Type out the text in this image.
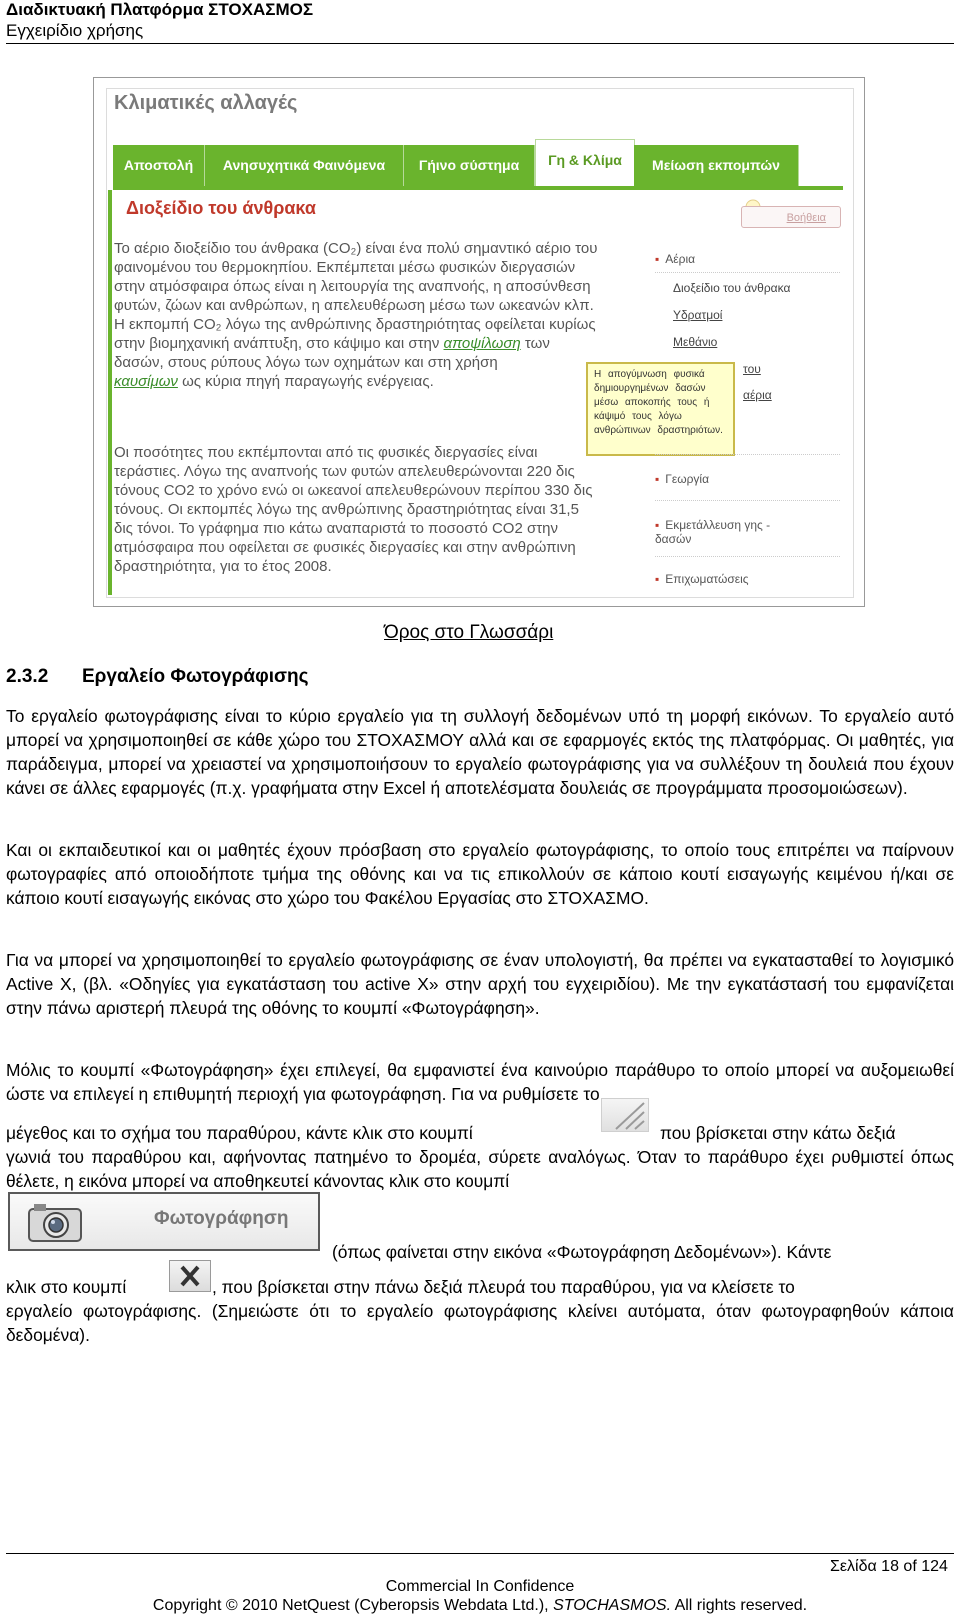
Διαδικτυακή Πλατφόρμα ΣΤΟΧΑΣΜΟΣ
Εγχειρίδιο χρήσης
Κλιματικές αλλαγές
Αποστολή	Ανησυχητικά Φαινόμενα	Γήινο σύστημα	Γη & Κλίμα	Μείωση εκπομπών
Διοξείδιο του άνθρακα	Βοήθεια
Το αέριο διοξείδιο του άνθρακα (CO₂) είναι ένα πολύ σημαντικό αέριο του
φαινομένου του θερμοκηπίου. Εκπέμπεται μέσω φυσικών διεργασιών
στην ατμόσφαιρα όπως είναι η λειτουργία της αναπνοής, η αποσύνθεση
φυτών, ζώων και ανθρώπων, η απελευθέρωση μέσω των ωκεανών κλπ.
Η εκπομπή CO₂ λόγω της ανθρώπινης δραστηριότητας οφείλεται κυρίως
στην βιομηχανική ανάπτυξη, στο κάψιμο και στην αποψίλωση των
δασών, στους ρύπους λόγω των οχημάτων και στη χρήση
καυσίμων ως κύρια πηγή παραγωγής ενέργειας.
Οι ποσότητες που εκπέμπονται από τις φυσικές διεργασίες είναι
τεράστιες. Λόγω της αναπνοής των φυτών απελευθερώνονται 220 δις
τόνους CO2 το χρόνο ενώ οι ωκεανοί απελευθερώνουν περίπου 330 δις
τόνους. Οι εκπομπές λόγω της ανθρώπινης δραστηριότητας είναι 31,5
δις τόνοι. Το γράφημα πιο κάτω αναπαριστά το ποσοστό CO2 στην
ατμόσφαιρα που οφείλεται σε φυσικές διεργασίες και στην ανθρώπινη
δραστηριότητα, για το έτος 2008.
Η απογύμνωση φυσικά δημιουργημένων δασών μέσω αποκοπής τους ή κάψιμό τους λόγω ανθρώπινων δραστηριότων.
▪ Αέρια
Διοξείδιο του άνθρακα
Υδρατμοί
Μεθάνιο
του
αέρια
▪ Γεωργία
▪ Εκμετάλλευση γης - δασών
▪ Επιχωματώσεις
Όρος στο Γλωσσάρι
2.3.2 Εργαλείο Φωτογράφισης
Το εργαλείο φωτογράφισης είναι το κύριο εργαλείο για τη συλλογή δεδομένων υπό τη μορφή εικόνων. Το εργαλείο αυτό μπορεί να χρησιμοποιηθεί σε κάθε χώρο του ΣΤΟΧΑΣΜΟΥ αλλά και σε εφαρμογές εκτός της πλατφόρμας. Οι μαθητές, για παράδειγμα, μπορεί να χρειαστεί να χρησιμοποιήσουν το εργαλείο φωτογράφισης για να συλλέξουν τη δουλειά που έχουν κάνει σε άλλες εφαρμογές (π.χ. γραφήματα στην Excel ή αποτελέσματα δουλειάς σε προγράμματα προσομοιώσεων).
Και οι εκπαιδευτικοί και οι μαθητές έχουν πρόσβαση στο εργαλείο φωτογράφισης, το οποίο τους επιτρέπει να παίρνουν φωτογραφίες από οποιοδήποτε τμήμα της οθόνης και να τις επικολλούν σε κάποιο κουτί εισαγωγής κειμένου ή/και σε κάποιο κουτί εισαγωγής εικόνας στο χώρο του Φακέλου Εργασίας στο ΣΤΟΧΑΣΜΟ.
Για να μπορεί να χρησιμοποιηθεί το εργαλείο φωτογράφισης σε έναν υπολογιστή, θα πρέπει να εγκατασταθεί το λογισμικό Active X, (βλ. «Οδηγίες για εγκατάσταση του active X» στην αρχή του εγχειριδίου). Με την εγκατάστασή του εμφανίζεται στην πάνω αριστερή πλευρά της οθόνης το κουμπί «Φωτογράφηση».
Μόλις το κουμπί «Φωτογράφηση» έχει επιλεγεί, θα εμφανιστεί ένα καινούριο παράθυρο το οποίο μπορεί να αυξομειωθεί ώστε να επιλεγεί η επιθυμητή περιοχή για φωτογράφηση. Για να ρυθμίσετε το
μέγεθος και το σχήμα του παραθύρου, κάντε κλικ στο κουμπί	που βρίσκεται στην κάτω δεξιά
γωνιά του παραθύρου και, αφήνοντας πατημένο το δρομέα, σύρετε αναλόγως. Όταν το παράθυρο έχει ρυθμιστεί όπως θέλετε, η εικόνα μπορεί να αποθηκευτεί κάνοντας κλικ στο κουμπί
Φωτογράφηση
(όπως φαίνεται στην εικόνα «Φωτογράφηση Δεδομένων»). Κάντε
κλικ στο κουμπί	, που βρίσκεται στην πάνω δεξιά πλευρά του παραθύρου, για να κλείσετε το
εργαλείο φωτογράφισης. (Σημειώστε ότι το εργαλείο φωτογράφισης κλείνει αυτόματα, όταν φωτογραφηθούν κάποια δεδομένα).
Σελίδα 18 of 124
Commercial In Confidence
Copyright © 2010 NetQuest (Cyberopsis Webdata Ltd.), STOCHASMOS. All rights reserved.
